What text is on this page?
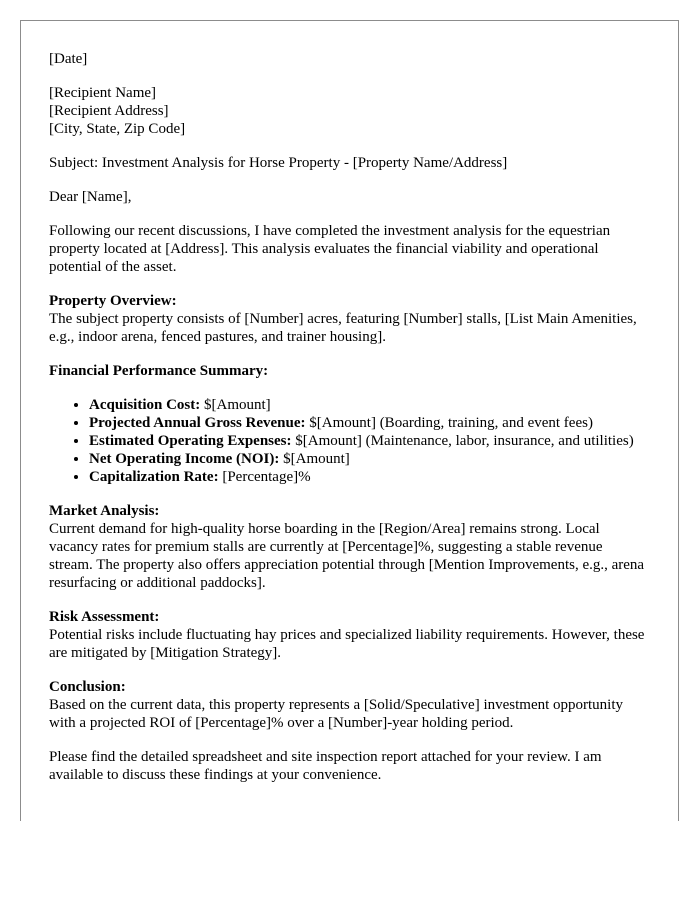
[Date]

[Recipient Name]

[Recipient Address]

[City, State, Zip Code]

Subject: Investment Analysis for Horse Property - [Property Name/Address]

Dear [Name],

Following our recent discussions, I have completed the investment analysis for the equestrian property located at [Address]. This analysis evaluates the financial viability and operational potential of the asset.

Property Overview:

The subject property consists of [Number] acres, featuring [Number] stalls, [List Main Amenities, e.g., indoor arena, fenced pastures, and trainer housing].

Financial Performance Summary:

• Acquisition Cost: $[Amount]
• Projected Annual Gross Revenue: $[Amount] (Boarding, training, and event fees)
• Estimated Operating Expenses: $[Amount] (Maintenance, labor, insurance, and utilities)
• Net Operating Income (NOI): $[Amount]
• Capitalization Rate: [Percentage]%

Market Analysis:

Current demand for high-quality horse boarding in the [Region/Area] remains strong. Local vacancy rates for premium stalls are currently at [Percentage]%, suggesting a stable revenue stream. The property also offers appreciation potential through [Mention Improvements, e.g., arena resurfacing or additional paddocks].

Risk Assessment:

Potential risks include fluctuating hay prices and specialized liability requirements. However, these are mitigated by [Mitigation Strategy].

Conclusion:

Based on the current data, this property represents a [Solid/Speculative] investment opportunity with a projected ROI of [Percentage]% over a [Number]-year holding period.

Please find the detailed spreadsheet and site inspection report attached for your review. I am available to discuss these findings at your convenience.
